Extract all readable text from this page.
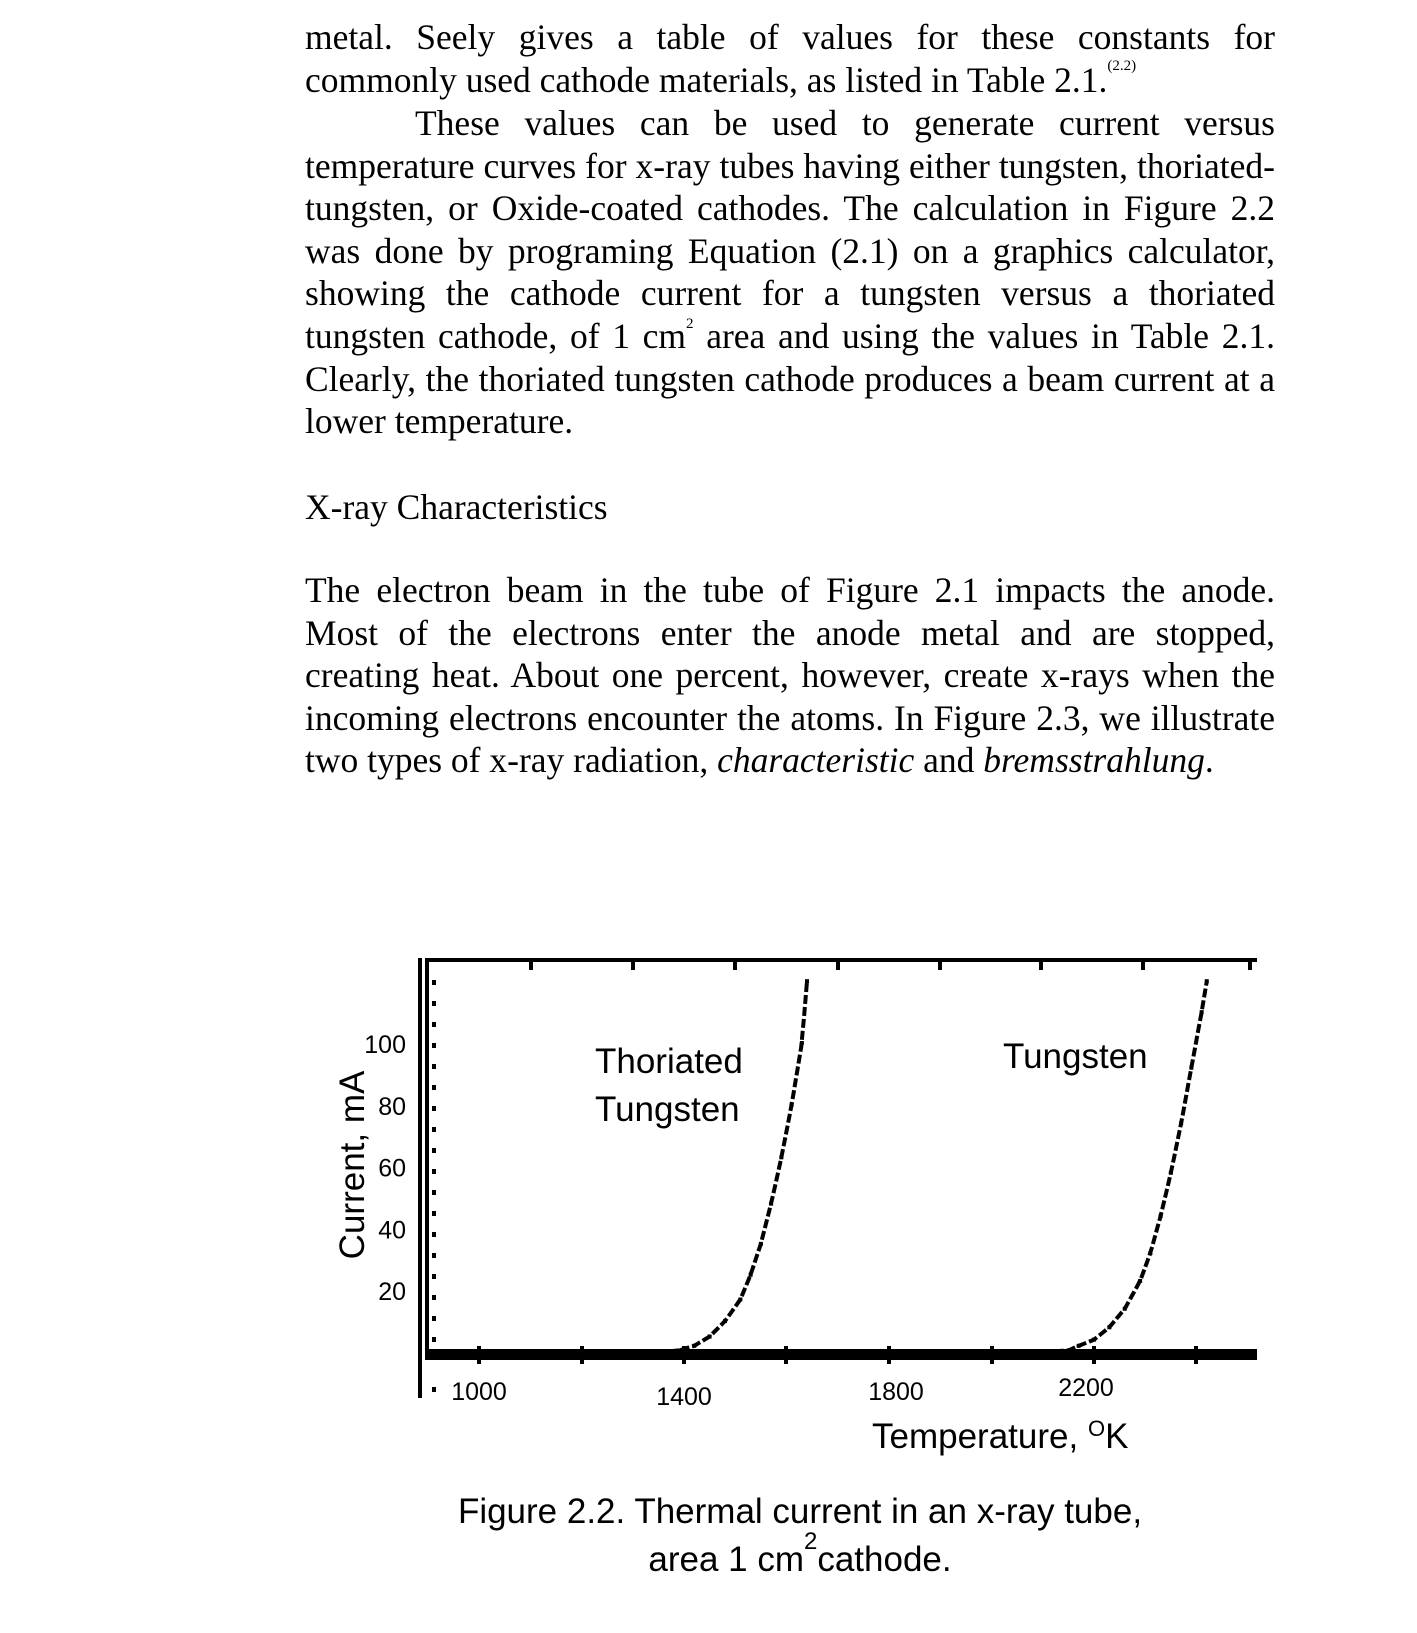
metal. Seely gives a table of values for these constants for commonly used cathode materials, as listed in Table 2.1.$^{(2.2)}$

These values can be used to generate current versus temperature curves for x-ray tubes having either tungsten, thoriated-tungsten, or Oxide-coated cathodes. The calculation in Figure 2.2 was done by programing Equation (2.1) on a graphics calculator, showing the cathode current for a tungsten versus a thoriated tungsten cathode, of 1 $cm^2$ area and using the values in Table 2.1. Clearly, the thoriated tungsten cathode produces a beam current at a lower temperature.

X-ray Characteristics

The electron beam in the tube of Figure 2.1 impacts the anode. Most of the electrons enter the anode metal and are stopped, creating heat. About one percent, however, create x-rays when the incoming electrons encounter the atoms. In Figure 2.3, we illustrate two types of x-ray radiation, characteristic and bremsstrahlung.

20
40
60
80
100
1000	1400	1800	2200
Current, mA
Temperature, $^O$K
Thoriated
Tungsten
Tungsten
Figure 2.2. Thermal current in an x-ray tube,
area 1 $cm^2cathode$.
